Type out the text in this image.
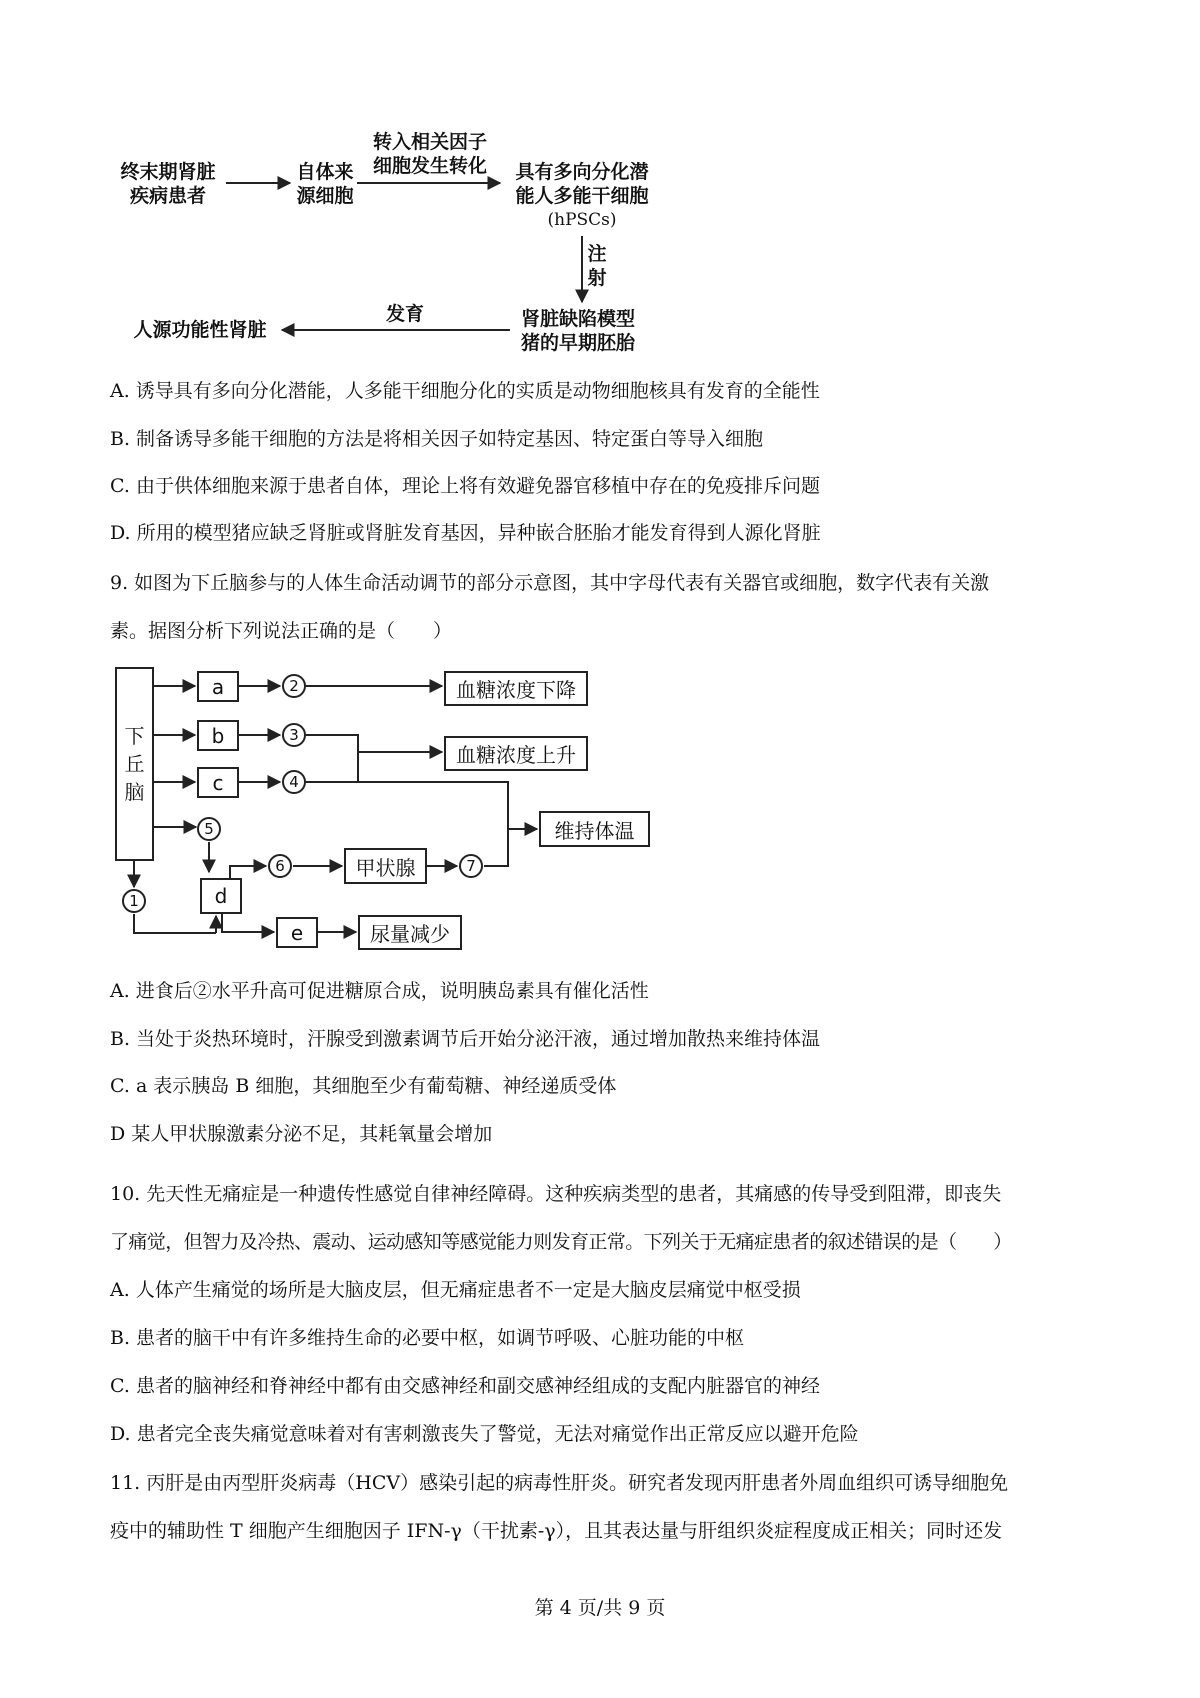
终末期肾脏
疾病患者
自体来
源细胞
转入相关因子
细胞发生转化	具有多向分化潜
能人多能干细胞
(hPSCs)
注
射
肾脏缺陷模型
猪的早期胚胎
发育
人源功能性肾脏
A. 诱导具有多向分化潜能，人多能干细胞分化的实质是动物细胞核具有发育的全能性
B. 制备诱导多能干细胞的方法是将相关因子如特定基因、特定蛋白等导入细胞
C. 由于供体细胞来源于患者自体，理论上将有效避免器官移植中存在的免疫排斥问题
D. 所用的模型猪应缺乏肾脏或肾脏发育基因，异种嵌合胚胎才能发育得到人源化肾脏
9. 如图为下丘脑参与的人体生命活动调节的部分示意图，其中字母代表有关器官或细胞，数字代表有关激
素。据图分析下列说法正确的是（　　）
下
丘
脑
a
b
c
d
e
2
3
4
5
1
6	7
血糖浓度下降
血糖浓度上升
维持体温
甲状腺
尿量减少
A. 进食后②水平升高可促进糖原合成，说明胰岛素具有催化活性
B. 当处于炎热环境时，汗腺受到激素调节后开始分泌汗液，通过增加散热来维持体温
C. a 表示胰岛 B 细胞，其细胞至少有葡萄糖、神经递质受体
D 某人甲状腺激素分泌不足，其耗氧量会增加
10. 先天性无痛症是一种遗传性感觉自律神经障碍。这种疾病类型的患者，其痛感的传导受到阻滞，即丧失
了痛觉，但智力及冷热、震动、运动感知等感觉能力则发育正常。下列关于无痛症患者的叙述错误的是（　　）
A. 人体产生痛觉的场所是大脑皮层，但无痛症患者不一定是大脑皮层痛觉中枢受损
B. 患者的脑干中有许多维持生命的必要中枢，如调节呼吸、心脏功能的中枢
C. 患者的脑神经和脊神经中都有由交感神经和副交感神经组成的支配内脏器官的神经
D. 患者完全丧失痛觉意味着对有害刺激丧失了警觉，无法对痛觉作出正常反应以避开危险
11. 丙肝是由丙型肝炎病毒（HCV）感染引起的病毒性肝炎。研究者发现丙肝患者外周血组织可诱导细胞免
疫中的辅助性 T 细胞产生细胞因子 IFN-γ（干扰素-γ），且其表达量与肝组织炎症程度成正相关；同时还发
第 4 页/共 9 页
